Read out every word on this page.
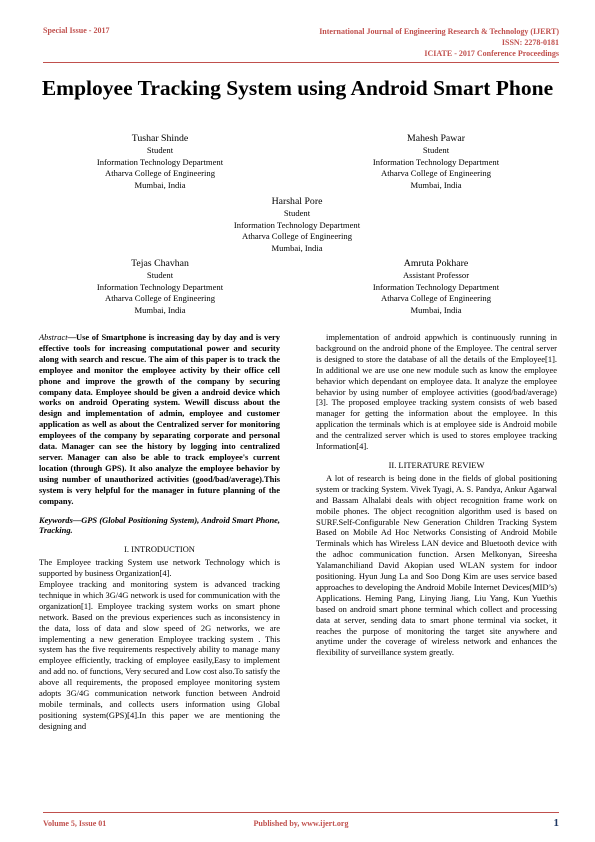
Special Issue - 2017	International Journal of Engineering Research & Technology (IJERT)
ISSN: 2278-0181
ICIATE - 2017 Conference Proceedings
Employee Tracking System using Android Smart Phone
Tushar Shinde
Student
Information Technology Department
Atharva College of Engineering
Mumbai, India
Mahesh Pawar
Student
Information Technology Department
Atharva College of Engineering
Mumbai, India
Harshal Pore
Student
Information Technology Department
Atharva College of Engineering
Mumbai, India
Tejas Chavhan
Student
Information Technology Department
Atharva College of Engineering
Mumbai, India
Amruta Pokhare
Assistant Professor
Information Technology Department
Atharva College of Engineering
Mumbai, India

Abstract—Use of Smartphone is increasing day by day and is very effective tools for increasing computational power and security along with search and rescue. The aim of this paper is to track the employee and monitor the employee activity by their office cell phone and improve the growth of the company by securing company data. Employee should be given a android device which works on android Operating system. Wewill discuss about the design and implementation of admin, employee and customer application as well as about the Centralized server for monitoring employees of the company by separating corporate and personal data. Manager can see the history by logging into centralized server. Manager can also be able to track employee's current location (through GPS). It also analyze the employee behavior by using number of unauthorized activities (good/bad/average).This system is very helpful for the manager in future planning of the company.

Keywords—GPS (Global Positioning System), Android Smart Phone, Tracking.

I. INTRODUCTION

The Employee tracking System use network Technology which is supported by business Organization[4].

Employee tracking and monitoring system is advanced tracking technique in which 3G/4G network is used for communication with the organization[1]. Employee tracking system works on smart phone network. Based on the previous experiences such as inconsistency in the data, loss of data and slow speed of 2G networks, we are implementing a new generation Employee tracking system . This system has the five requirements respectively ability to manage many employee efficiently, tracking of employee easily,Easy to implement and add no. of functions, Very secured and Low cost also.To satisfy the above all requirements, the proposed employee monitoring system adopts 3G/4G communication network function between Android mobile terminals, and collects users information using Global positioning system(GPS)[4].In this paper we are mentioning the designing and

implementation of android appwhich is continuously running in background on the android phone of the Employee. The central server is designed to store the database of all the details of the Employee[1]. In additional we are use one new module such as know the employee behavior which dependant on employee data. It analyze the employee behavior by using number of employee activities (good/bad/average)[3]. The proposed employee tracking system consists of web based manager for getting the information about the employee. In this application the terminals which is at employee side is Android mobile and the centralized server which is used to stores employee tracking Information[4].

II. LITERATURE REVIEW

A lot of research is being done in the fields of global positioning system or tracking System. Vivek Tyagi, A. S. Pandya, Ankur Agarwal and Bassam Alhalabi deals with object recognition frame work on mobile phones. The object recognition algorithm used is based on SURF.Self-Configurable New Generation Children Tracking System Based on Mobile Ad Hoc Networks Consisting of Android Mobile Terminals which has Wireless LAN device and Bluetooth device with the adhoc communication function. Arsen Melkonyan, Sireesha Yalamanchiliand David Akopian used WLAN system for indoor positioning. Hyun Jung La and Soo Dong Kim are uses service based approaches to developing the Android Mobile Internet Devices(MID’s) Applications. Heming Pang, Linying Jiang, Liu Yang, Kun Yuethis based on android smart phone terminal which collect and processing data at server, sending data to smart phone terminal via socket, it reaches the purpose of monitoring the target site anywhere and anytime under the coverage of wireless network and enhances the flexibility of surveillance system greatly.

Volume 5, Issue 01	Published by, www.ijert.org	1
